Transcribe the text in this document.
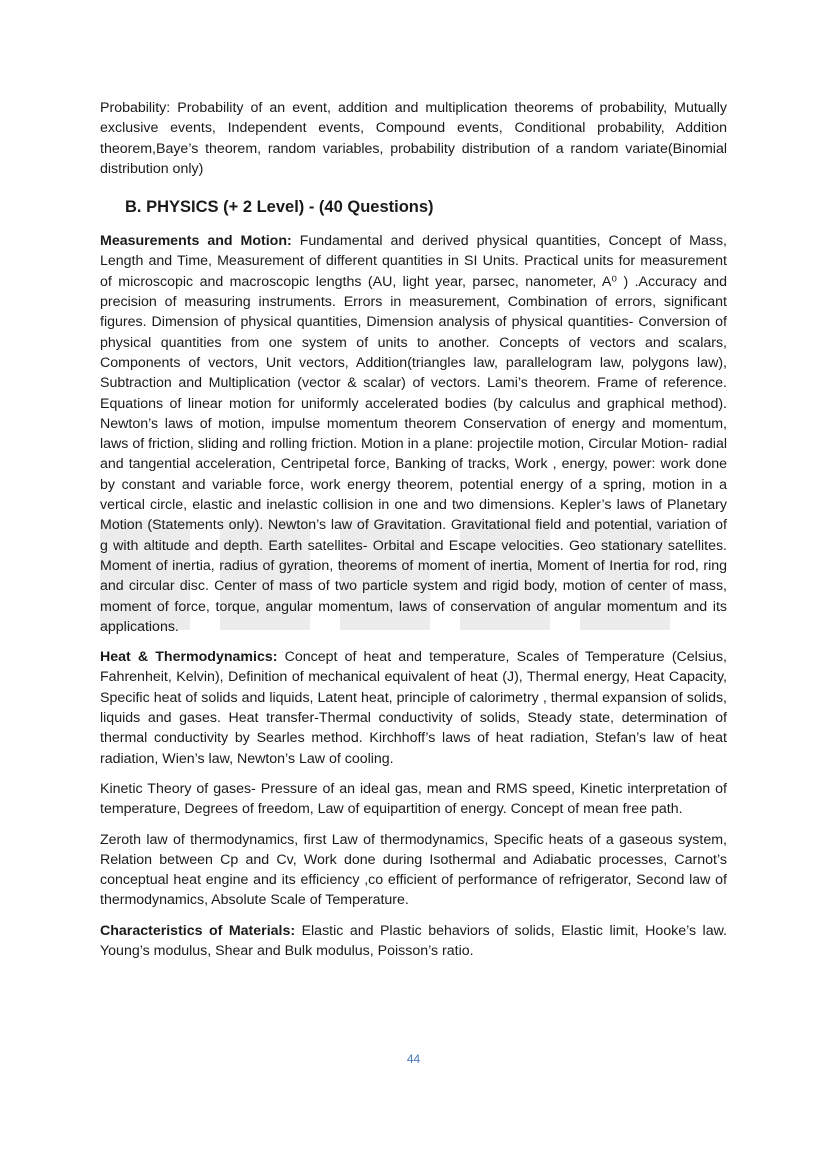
Probability: Probability of an event, addition and multiplication theorems of probability, Mutually exclusive events, Independent events, Compound events, Conditional probability, Addition theorem,Baye’s theorem, random variables, probability distribution of a random variate(Binomial distribution only)

B. PHYSICS (+ 2 Level) - (40 Questions)

Measurements and Motion: Fundamental and derived physical quantities, Concept of Mass, Length and Time, Measurement of different quantities in SI Units. Practical units for measurement of microscopic and macroscopic lengths (AU, light year, parsec, nanometer, A⁰ ) .Accuracy and precision of measuring instruments. Errors in measurement, Combination of errors, significant figures. Dimension of physical quantities, Dimension analysis of physical quantities- Conversion of physical quantities from one system of units to another. Concepts of vectors and scalars, Components of vectors, Unit vectors, Addition(triangles law, parallelogram law, polygons law), Subtraction and Multiplication (vector & scalar) of vectors. Lami’s theorem. Frame of reference. Equations of linear motion for uniformly accelerated bodies (by calculus and graphical method). Newton’s laws of motion, impulse momentum theorem Conservation of energy and momentum, laws of friction, sliding and rolling friction. Motion in a plane: projectile motion, Circular Motion- radial and tangential acceleration, Centripetal force, Banking of tracks, Work , energy, power: work done by constant and variable force, work energy theorem, potential energy of a spring, motion in a vertical circle, elastic and inelastic collision in one and two dimensions. Kepler’s laws of Planetary Motion (Statements only). Newton’s law of Gravitation. Gravitational field and potential, variation of g with altitude and depth. Earth satellites- Orbital and Escape velocities. Geo stationary satellites. Moment of inertia, radius of gyration, theorems of moment of inertia, Moment of Inertia for rod, ring and circular disc. Center of mass of two particle system and rigid body, motion of center of mass, moment of force, torque, angular momentum, laws of conservation of angular momentum and its applications.

Heat & Thermodynamics: Concept of heat and temperature, Scales of Temperature (Celsius, Fahrenheit, Kelvin), Definition of mechanical equivalent of heat (J), Thermal energy, Heat Capacity, Specific heat of solids and liquids, Latent heat, principle of calorimetry , thermal expansion of solids, liquids and gases. Heat transfer-Thermal conductivity of solids, Steady state, determination of thermal conductivity by Searles method. Kirchhoff’s laws of heat radiation, Stefan’s law of heat radiation, Wien’s law, Newton’s Law of cooling.

Kinetic Theory of gases- Pressure of an ideal gas, mean and RMS speed, Kinetic interpretation of temperature, Degrees of freedom, Law of equipartition of energy. Concept of mean free path.

Zeroth law of thermodynamics, first Law of thermodynamics, Specific heats of a gaseous system, Relation between Cp and Cv, Work done during Isothermal and Adiabatic processes, Carnot’s conceptual heat engine and its efficiency ,co efficient of performance of refrigerator, Second law of thermodynamics, Absolute Scale of Temperature.

Characteristics of Materials: Elastic and Plastic behaviors of solids, Elastic limit, Hooke’s law. Young’s modulus, Shear and Bulk modulus, Poisson’s ratio.

44
